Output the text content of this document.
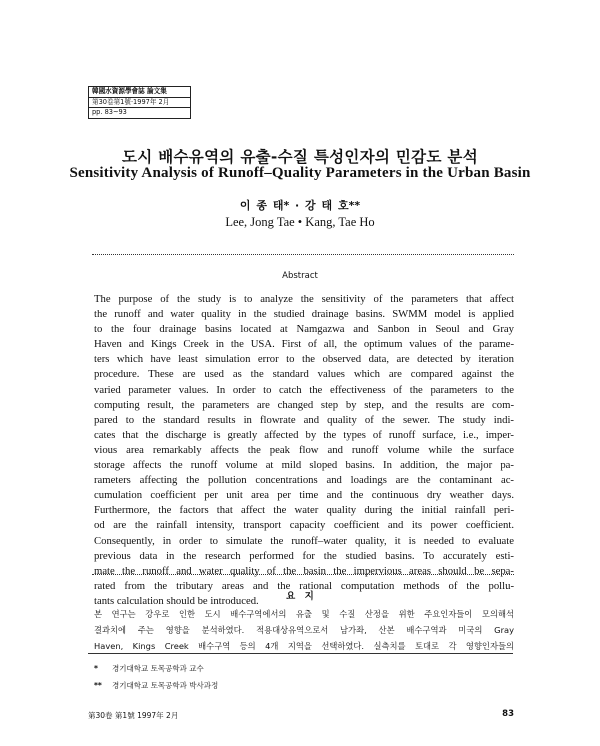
韓國水資源學會誌 論文集
第30卷第1號·1997年 2月
pp. 83~93
도시 배수유역의 유출-수질 특성인자의 민감도 분석
Sensitivity Analysis of Runoff–Quality Parameters in the Urban Basin
이 종 태* · 강 태 호**
Lee, Jong Tae • Kang, Tae Ho
Abstract
The purpose of the study is to analyze the sensitivity of the parameters that affect
the runoff and water quality in the studied drainage basins. SWMM model is applied
to the four drainage basins located at Namgazwa and Sanbon in Seoul and Gray
Haven and Kings Creek in the USA. First of all, the optimum values of the parame-
ters which have least simulation error to the observed data, are detected by iteration
procedure. These are used as the standard values which are compared against the
varied parameter values. In order to catch the effectiveness of the parameters to the
computing result, the parameters are changed step by step, and the results are com-
pared to the standard results in flowrate and quality of the sewer. The study indi-
cates that the discharge is greatly affected by the types of runoff surface, i.e., imper-
vious area remarkably affects the peak flow and runoff volume while the surface
storage affects the runoff volume at mild sloped basins. In addition, the major pa-
rameters affecting the pollution concentrations and loadings are the contaminant ac-
cumulation coefficient per unit area per time and the continuous dry weather days.
Furthermore, the factors that affect the water quality during the initial rainfall peri-
od are the rainfall intensity, transport capacity coefficient and its power coefficient.
Consequently, in order to simulate the runoff–water quality, it is needed to evaluate
previous data in the research performed for the studied basins. To accurately esti-
mate the runoff and water quality of the basin the impervious areas should be sepa-
rated from the tributary areas and the rational computation methods of the pollu-
tants calculation should be introduced.	요 지
본 연구는 강우로 인한 도시 배수구역에서의 유출 및 수질 산정을 위한 주요인자들이 모의해석
결과치에 주는 영향을 분석하였다. 적용대상유역으로서 남가좌, 산본 배수구역과 미국의 Gray
Haven, Kings Creek 배수구역 등의 4개 지역을 선택하였다. 실측치를 토대로 각 영향인자들의
* 경기대학교 토목공학과 교수
** 경기대학교 토목공학과 박사과정
第30卷 第1號 1997年 2月	83
